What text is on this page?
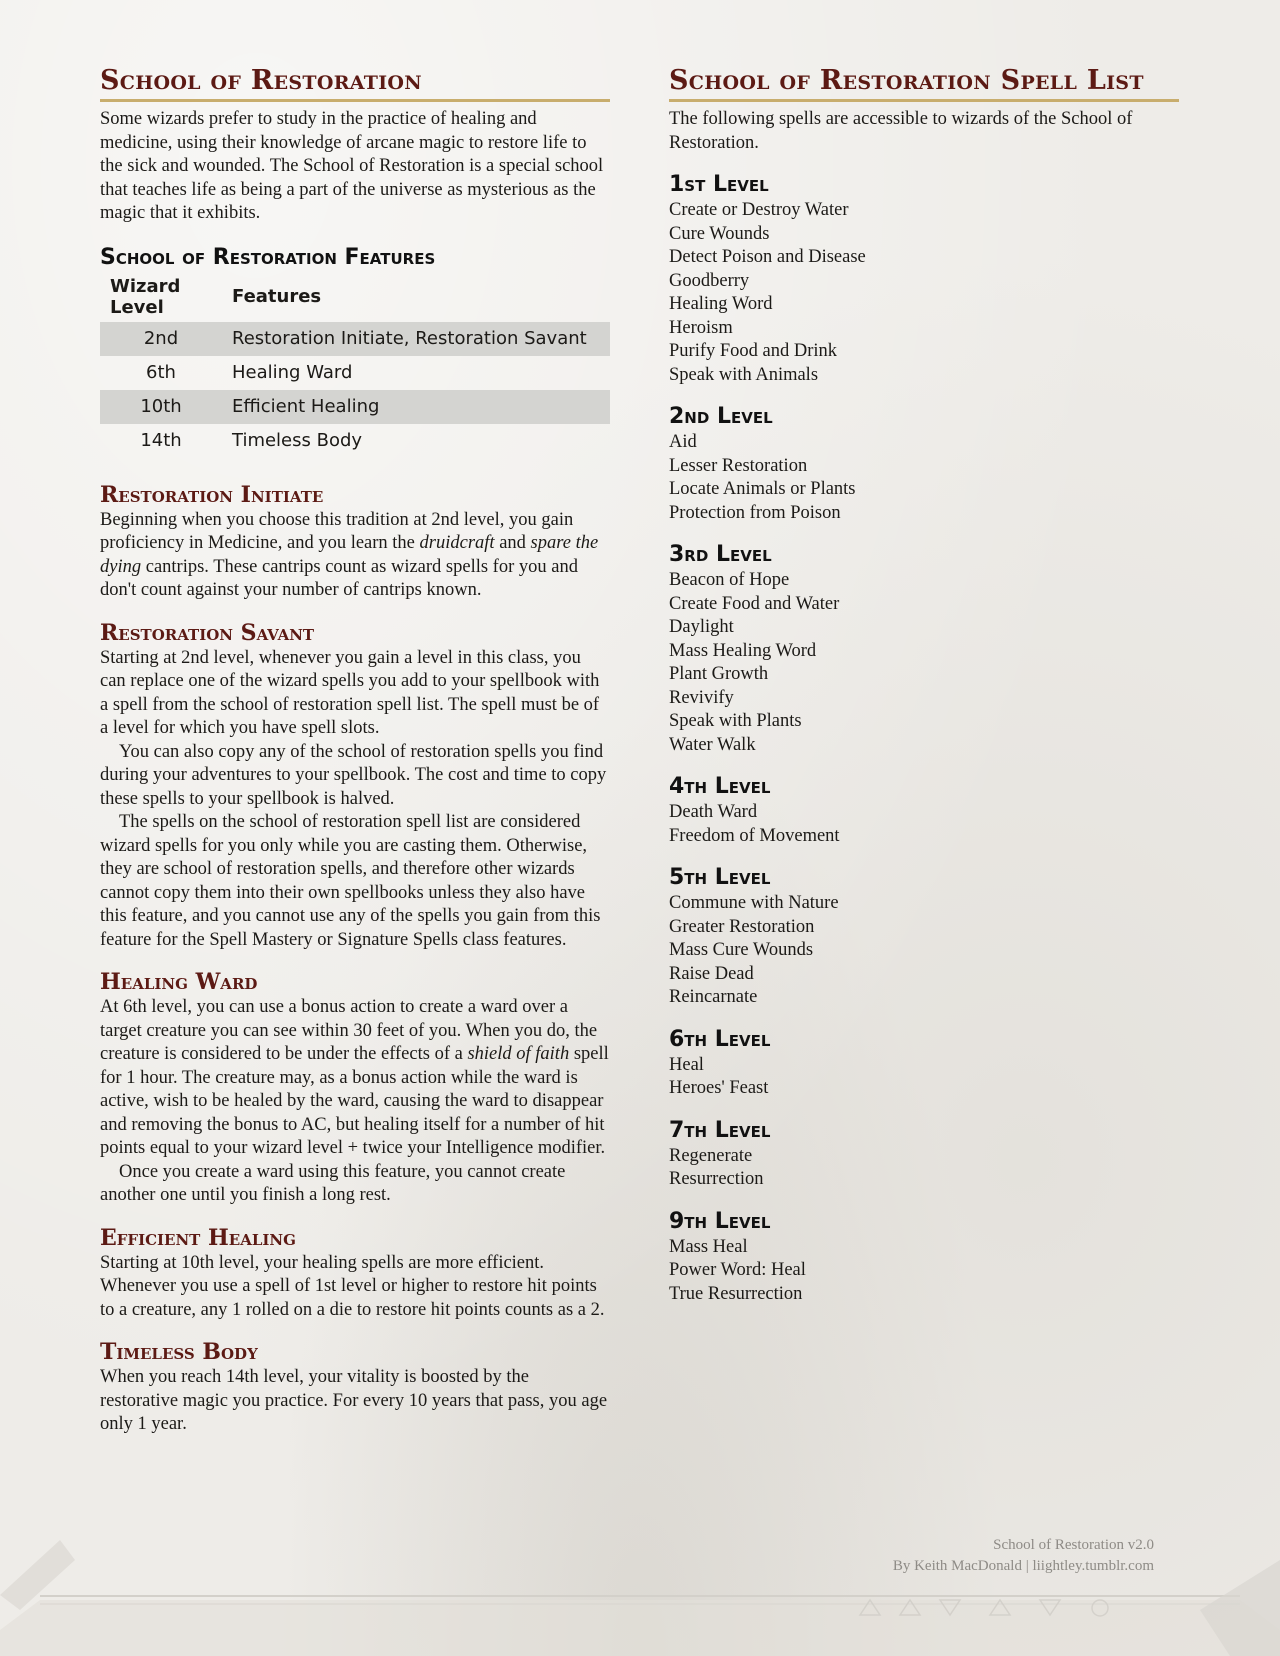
School of Restoration

Some wizards prefer to study in the practice of healing and medicine, using their knowledge of arcane magic to restore life to the sick and wounded. The School of Restoration is a special school that teaches life as being a part of the universe as mysterious as the magic that it exhibits.

School of Restoration Features
Wizard Level	Features
2nd	Restoration Initiate, Restoration Savant
6th	Healing Ward
10th	Efficient Healing
14th	Timeless Body
Restoration Initiate

Beginning when you choose this tradition at 2nd level, you gain proficiency in Medicine, and you learn the druidcraft and spare the dying cantrips. These cantrips count as wizard spells for you and don't count against your number of cantrips known.

Restoration Savant

Starting at 2nd level, whenever you gain a level in this class, you can replace one of the wizard spells you add to your spellbook with a spell from the school of restoration spell list. The spell must be of a level for which you have spell slots.

You can also copy any of the school of restoration spells you find during your adventures to your spellbook. The cost and time to copy these spells to your spellbook is halved.

The spells on the school of restoration spell list are considered wizard spells for you only while you are casting them. Otherwise, they are school of restoration spells, and therefore other wizards cannot copy them into their own spellbooks unless they also have this feature, and you cannot use any of the spells you gain from this feature for the Spell Mastery or Signature Spells class features.

Healing Ward

At 6th level, you can use a bonus action to create a ward over a target creature you can see within 30 feet of you. When you do, the creature is considered to be under the effects of a shield of faith spell for 1 hour. The creature may, as a bonus action while the ward is active, wish to be healed by the ward, causing the ward to disappear and removing the bonus to AC, but healing itself for a number of hit points equal to your wizard level + twice your Intelligence modifier.

Once you create a ward using this feature, you cannot create another one until you finish a long rest.

Efficient Healing

Starting at 10th level, your healing spells are more efficient. Whenever you use a spell of 1st level or higher to restore hit points to a creature, any 1 rolled on a die to restore hit points counts as a 2.

Timeless Body

When you reach 14th level, your vitality is boosted by the restorative magic you practice. For every 10 years that pass, you age only 1 year.

School of Restoration Spell List

The following spells are accessible to wizards of the School of Restoration.

1st Level
Create or Destroy Water
Cure Wounds
Detect Poison and Disease
Goodberry
Healing Word
Heroism
Purify Food and Drink
Speak with Animals
2nd Level
Aid
Lesser Restoration
Locate Animals or Plants
Protection from Poison
3rd Level
Beacon of Hope
Create Food and Water
Daylight
Mass Healing Word
Plant Growth
Revivify
Speak with Plants
Water Walk
4th Level
Death Ward
Freedom of Movement
5th Level
Commune with Nature
Greater Restoration
Mass Cure Wounds
Raise Dead
Reincarnate
6th Level
Heal
Heroes' Feast
7th Level
Regenerate
Resurrection
9th Level
Mass Heal
Power Word: Heal
True Resurrection
School of Restoration v2.0
By Keith MacDonald | liightley.tumblr.com
